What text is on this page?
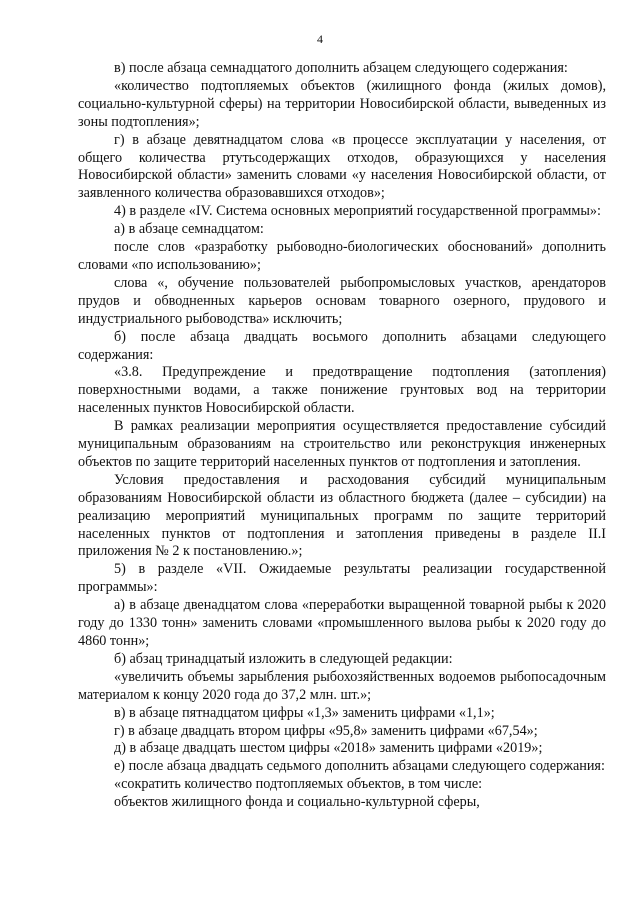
4

в) после абзаца семнадцатого дополнить абзацем следующего содержания:

«количество подтопляемых объектов (жилищного фонда (жилых домов), социально-культурной сферы) на территории Новосибирской области, выведенных из зоны подтопления»;

г) в абзаце девятнадцатом слова «в процессе эксплуатации у населения, от общего количества ртутьсодержащих отходов, образующихся у населения Новосибирской области» заменить словами «у населения Новосибирской области, от заявленного количества образовавшихся отходов»;

4) в разделе «IV. Система основных мероприятий государственной программы»:

а) в абзаце семнадцатом:

после слов «разработку рыбоводно-биологических обоснований» дополнить словами «по использованию»;

слова «, обучение пользователей рыбопромысловых участков, арендаторов прудов и обводненных карьеров основам товарного озерного, прудового и индустриального рыбоводства» исключить;

б) после абзаца двадцать восьмого дополнить абзацами следующего содержания:

«3.8. Предупреждение и предотвращение подтопления (затопления) поверхностными водами, а также понижение грунтовых вод на территории населенных пунктов Новосибирской области.

В рамках реализации мероприятия осуществляется предоставление субсидий муниципальным образованиям на строительство или реконструкция инженерных объектов по защите территорий населенных пунктов от подтопления и затопления.

Условия предоставления и расходования субсидий муниципальным образованиям Новосибирской области из областного бюджета (далее – субсидии) на реализацию мероприятий муниципальных программ по защите территорий населенных пунктов от подтопления и затопления приведены в разделе II.I приложения № 2 к постановлению.»;

5) в разделе «VII. Ожидаемые результаты реализации государственной программы»:

а) в абзаце двенадцатом слова «переработки выращенной товарной рыбы к 2020 году до 1330 тонн» заменить словами «промышленного вылова рыбы к 2020 году до 4860 тонн»;

б) абзац тринадцатый изложить в следующей редакции:

«увеличить объемы зарыбления рыбохозяйственных водоемов рыбопосадочным материалом к концу 2020 года до 37,2 млн. шт.»;

в) в абзаце пятнадцатом цифры «1,3» заменить цифрами «1,1»;

г) в абзаце двадцать втором цифры «95,8» заменить цифрами «67,54»;

д) в абзаце двадцать шестом цифры «2018» заменить цифрами «2019»;

е) после абзаца двадцать седьмого дополнить абзацами следующего содержания:

«сократить количество подтопляемых объектов, в том числе:

объектов жилищного фонда и социально-культурной сферы,
